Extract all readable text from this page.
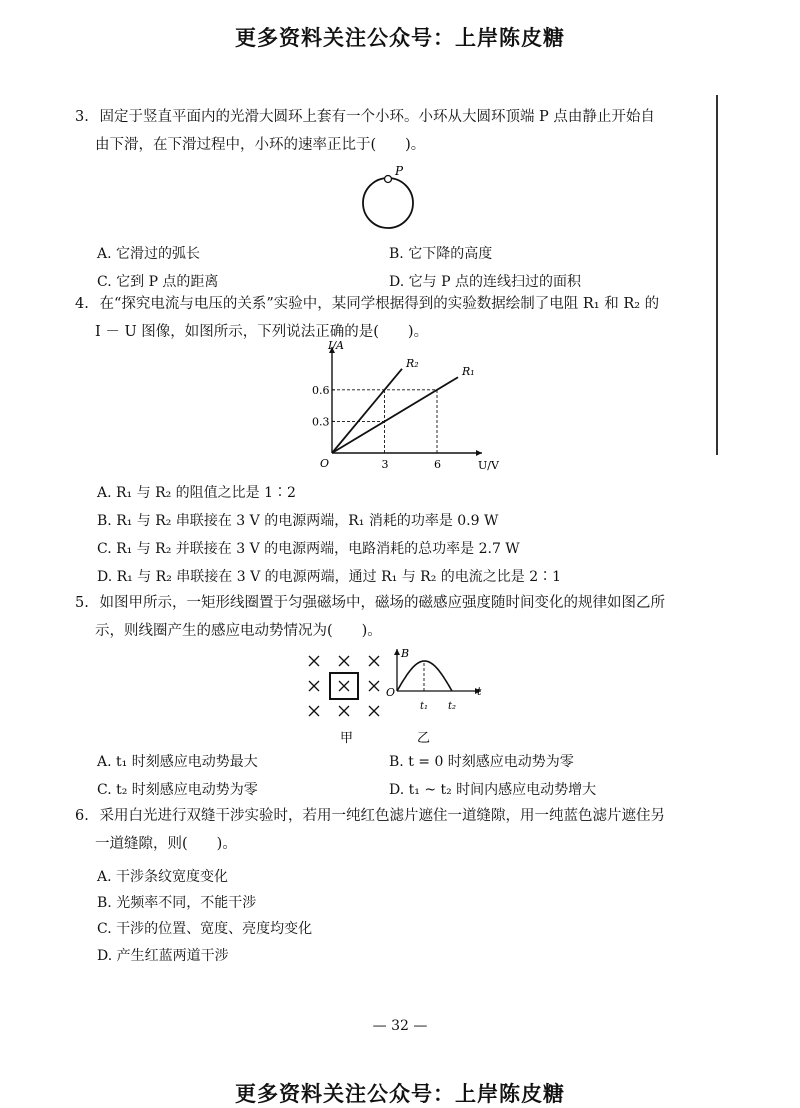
更多资料关注公众号：上岸陈皮糖
3. 固定于竖直平面内的光滑大圆环上套有一个小环。小环从大圆环顶端 P 点由静止开始自
由下滑，在下滑过程中，小环的速率正比于(　　)。
P
A. 它滑过的弧长	B. 它下降的高度
C. 它到 P 点的距离	D. 它与 P 点的连线扫过的面积
4. 在“探究电流与电压的关系”实验中，某同学根据得到的实验数据绘制了电阻 R₁ 和 R₂ 的
I － U 图像，如图所示，下列说法正确的是(　　)。
I/A
U/V
O	3	6
0.3
0.6
R₂
R₁
A. R₁ 与 R₂ 的阻值之比是 1∶2
B. R₁ 与 R₂ 串联接在 3 V 的电源两端，R₁ 消耗的功率是 0.9 W
C. R₁ 与 R₂ 并联接在 3 V 的电源两端，电路消耗的总功率是 2.7 W
D. R₁ 与 R₂ 串联接在 3 V 的电源两端，通过 R₁ 与 R₂ 的电流之比是 2∶1
5. 如图甲所示，一矩形线圈置于匀强磁场中，磁场的磁感应强度随时间变化的规律如图乙所
示，则线圈产生的感应电动势情况为(　　)。
甲
B
t
O
t₁ t₂
乙
A. t₁ 时刻感应电动势最大	B. t = 0 时刻感应电动势为零
C. t₂ 时刻感应电动势为零	D. t₁ ~ t₂ 时间内感应电动势增大
6. 采用白光进行双缝干涉实验时，若用一纯红色滤片遮住一道缝隙，用一纯蓝色滤片遮住另
一道缝隙，则(　　)。
A. 干涉条纹宽度变化
B. 光频率不同，不能干涉
C. 干涉的位置、宽度、亮度均变化
D. 产生红蓝两道干涉
— 32 —
更多资料关注公众号：上岸陈皮糖
